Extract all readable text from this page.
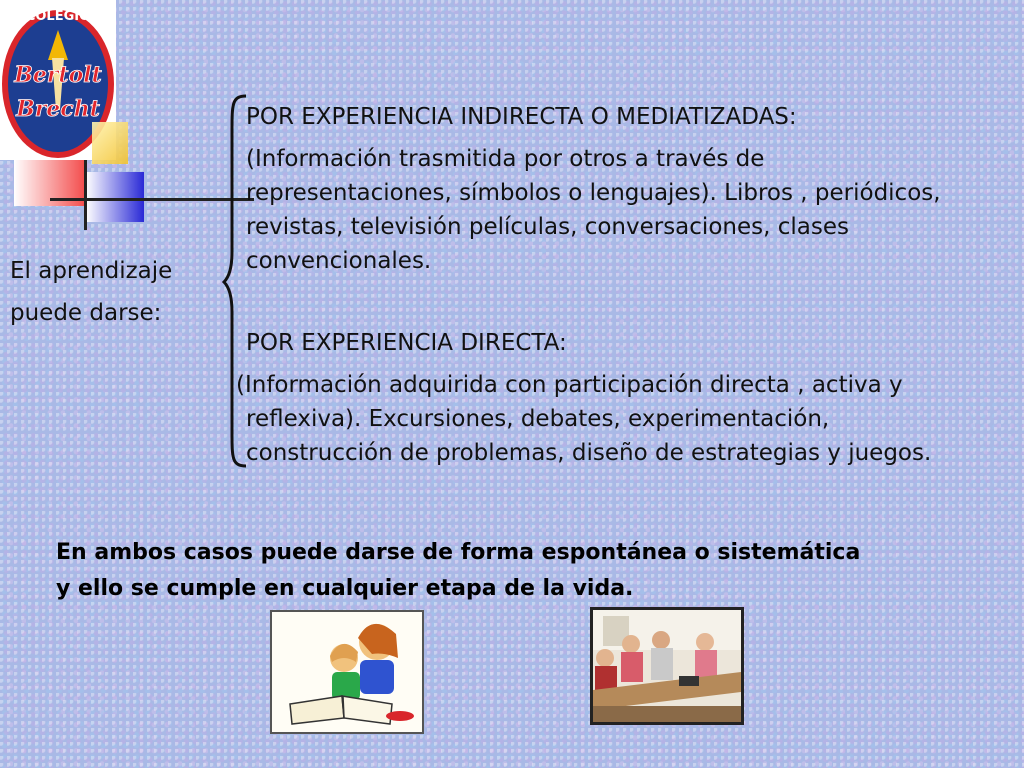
COLEGIO
Bertolt
Brecht
El aprendizaje
puede darse:
POR EXPERIENCIA INDIRECTA O MEDIATIZADAS:
(Información trasmitida por otros a través de
representaciones, símbolos o lenguajes). Libros , periódicos,
revistas, televisión películas, conversaciones, clases
convencionales.
POR EXPERIENCIA DIRECTA:
(Información adquirida con participación directa , activa y
reflexiva). Excursiones, debates, experimentación,
construcción de problemas, diseño de estrategias y juegos.
En ambos casos puede darse de forma espontánea o sistemática
y ello se cumple en cualquier etapa de la vida.
